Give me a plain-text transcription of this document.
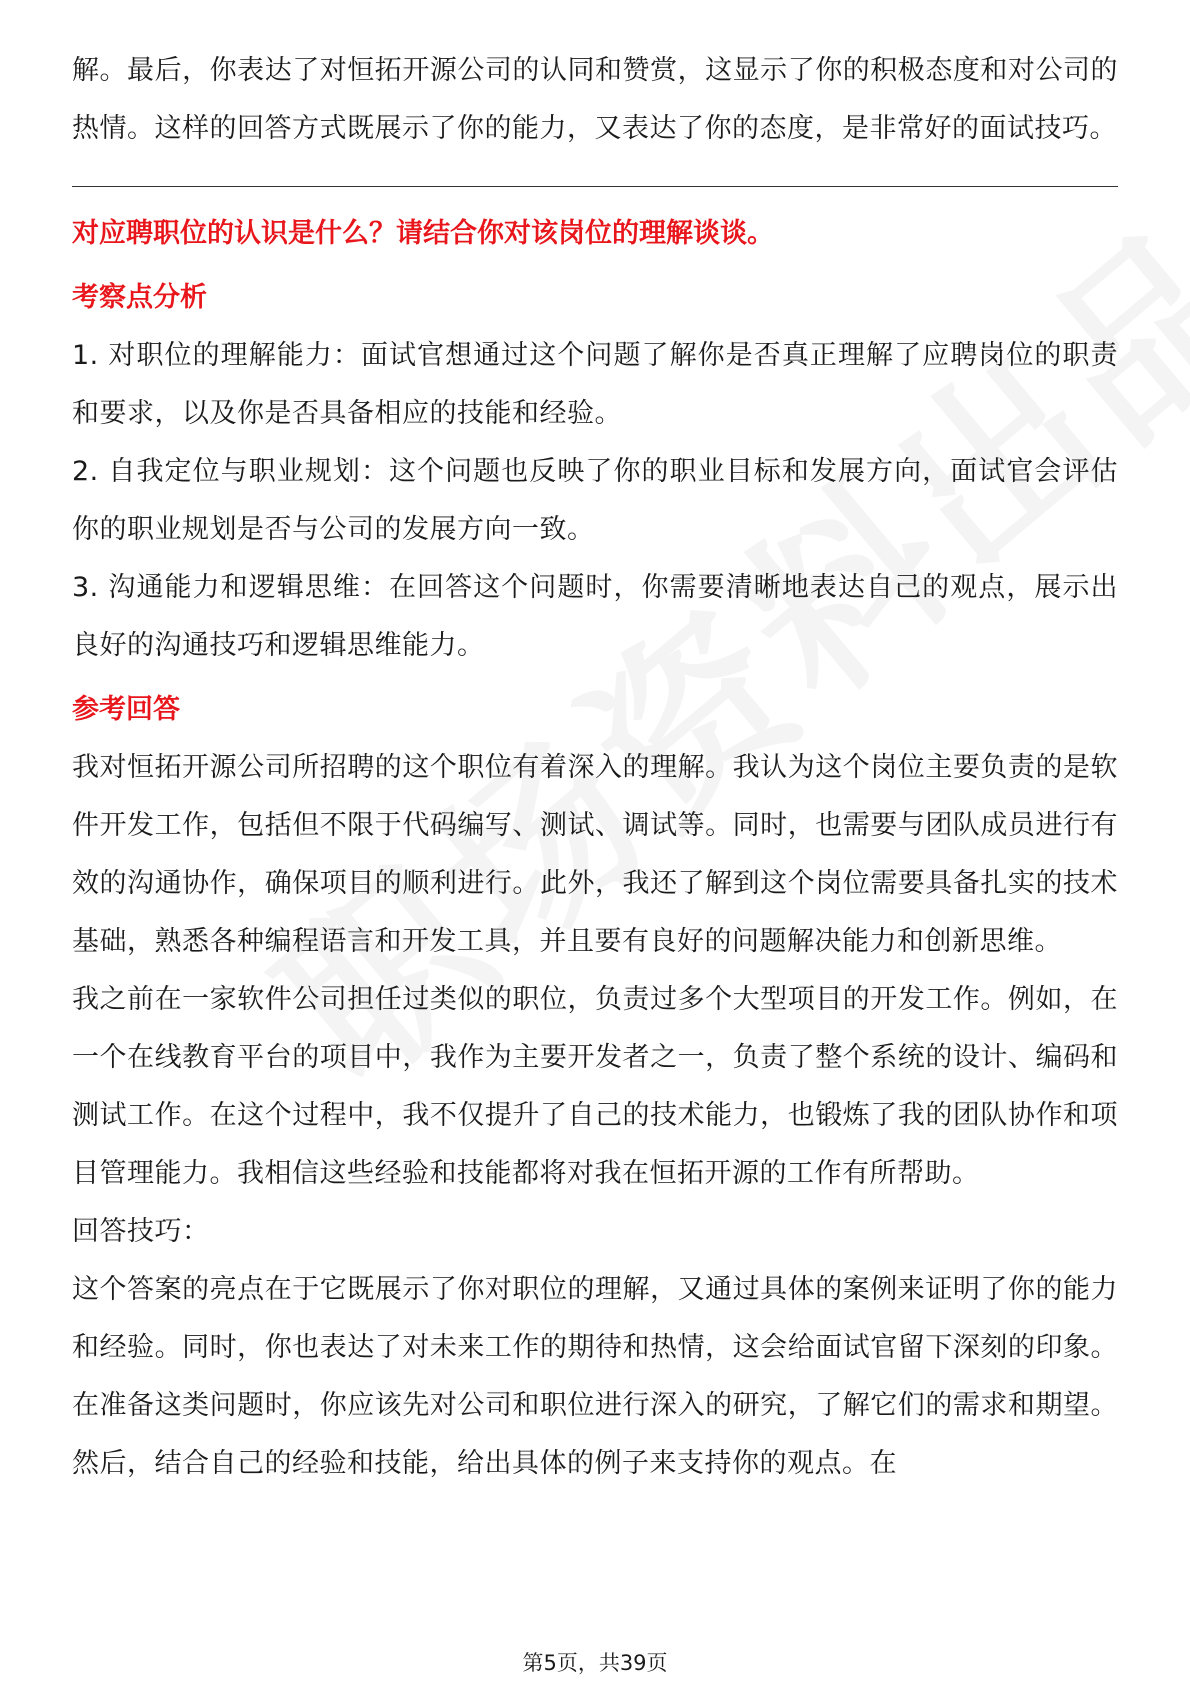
解。最后，你表达了对恒拓开源公司的认同和赞赏，这显示了你的积极态度和对公司的热情。这样的回答方式既展示了你的能力，又表达了你的态度，是非常好的面试技巧。

对应聘职位的认识是什么？请结合你对该岗位的理解谈谈。

考察点分析

1. 对职位的理解能力：面试官想通过这个问题了解你是否真正理解了应聘岗位的职责和要求，以及你是否具备相应的技能和经验。

2. 自我定位与职业规划：这个问题也反映了你的职业目标和发展方向，面试官会评估你的职业规划是否与公司的发展方向一致。

3. 沟通能力和逻辑思维：在回答这个问题时，你需要清晰地表达自己的观点，展示出良好的沟通技巧和逻辑思维能力。

参考回答

我对恒拓开源公司所招聘的这个职位有着深入的理解。我认为这个岗位主要负责的是软件开发工作，包括但不限于代码编写、测试、调试等。同时，也需要与团队成员进行有效的沟通协作，确保项目的顺利进行。此外，我还了解到这个岗位需要具备扎实的技术基础，熟悉各种编程语言和开发工具，并且要有良好的问题解决能力和创新思维。

我之前在一家软件公司担任过类似的职位，负责过多个大型项目的开发工作。例如，在一个在线教育平台的项目中，我作为主要开发者之一，负责了整个系统的设计、编码和测试工作。在这个过程中，我不仅提升了自己的技术能力，也锻炼了我的团队协作和项目管理能力。我相信这些经验和技能都将对我在恒拓开源的工作有所帮助。

回答技巧：

这个答案的亮点在于它既展示了你对职位的理解，又通过具体的案例来证明了你的能力和经验。同时，你也表达了对未来工作的期待和热情，这会给面试官留下深刻的印象。在准备这类问题时，你应该先对公司和职位进行深入的研究，了解它们的需求和期望。然后，结合自己的经验和技能，给出具体的例子来支持你的观点。在

第5页，共39页
